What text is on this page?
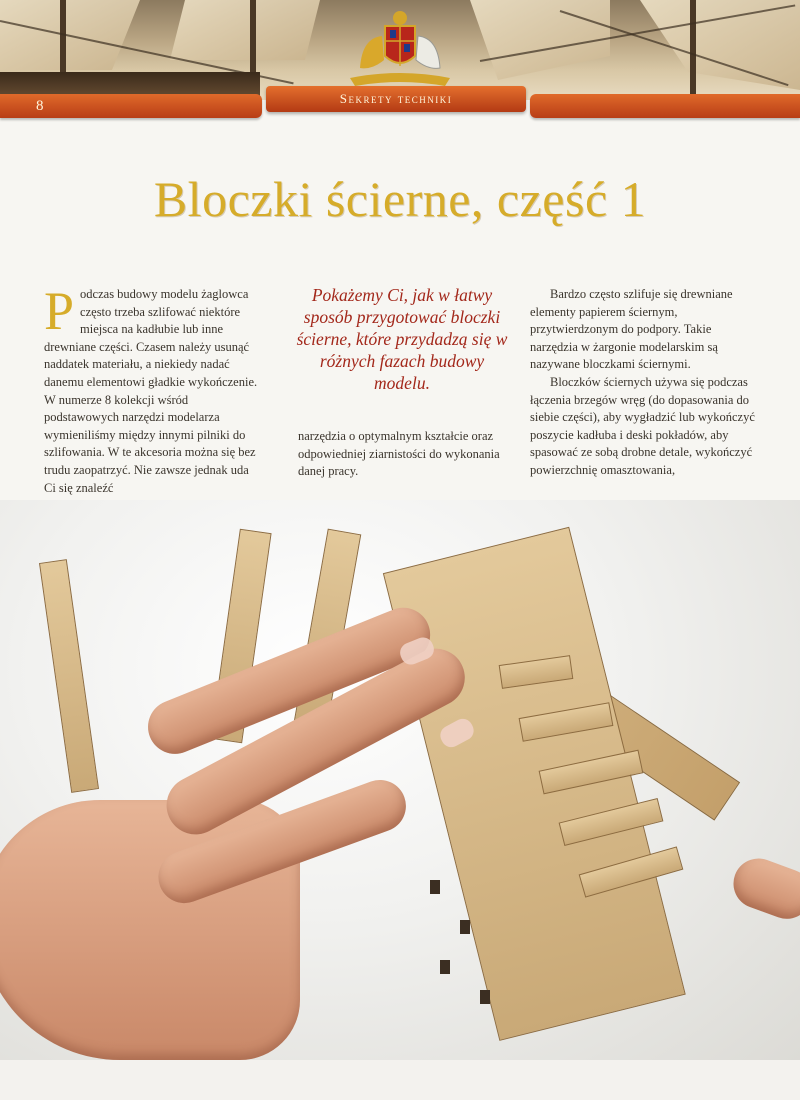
8	Sekrety techniki
Bloczki ścierne, część 1
P odczas budowy modelu żaglowca często trzeba szlifować niektóre miejsca na kadłubie lub inne drewniane części. Czasem należy usunąć naddatek materiału, a niekiedy nadać danemu elementowi gładkie wykończenie. W numerze 8 kolekcji wśród podstawowych narzędzi modelarza wymieniliśmy między innymi pilniki do szlifowania. W te akcesoria można się bez trudu zaopatrzyć. Nie zawsze jednak uda Ci się znaleźć

Pokażemy Ci, jak w łatwy sposób przygotować bloczki ścierne, które przydadzą się w różnych fazach budowy modelu.

narzędzia o optymalnym kształcie oraz odpowiedniej ziarnistości do wykonania danej pracy.

Bardzo często szlifuje się drewniane elementy papierem ściernym, przytwierdzonym do podpory. Takie narzędzia w żargonie modelarskim są nazywane bloczkami ściernymi.

Bloczków ściernych używa się podczas łączenia brzegów wręg (do dopasowania do siebie części), aby wygładzić lub wykończyć poszycie kadłuba i deski pokładów, aby spasować ze sobą drobne detale, wykończyć powierzchnię omasztowania,
